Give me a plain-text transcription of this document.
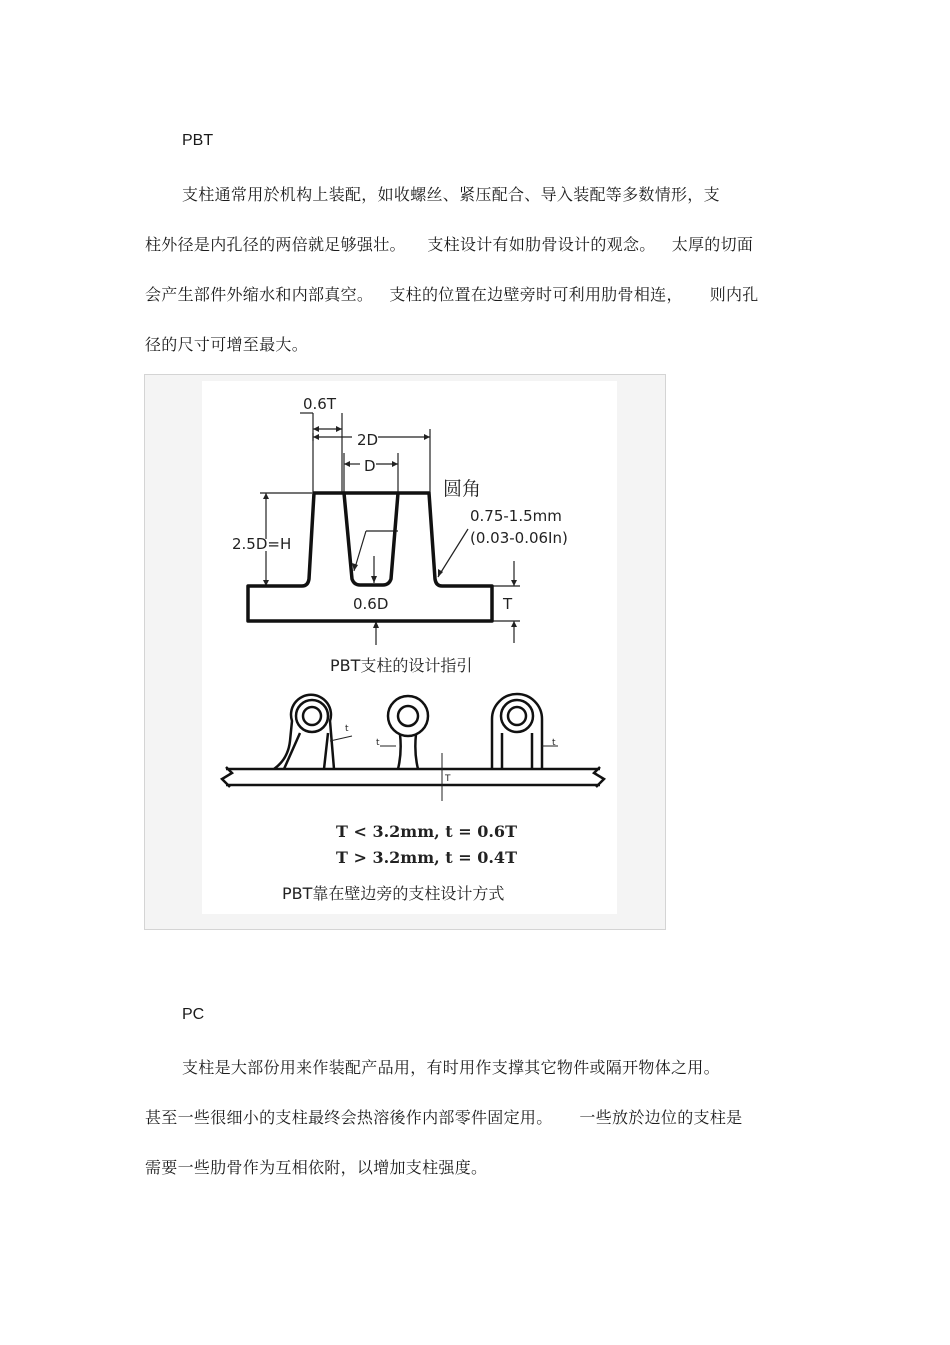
PBT
支柱通常用於机构上装配，如收螺丝、紧压配合、导入装配等多数情形，支
柱外径是内孔径的两倍就足够强壮。    支柱设计有如肋骨设计的观念。   太厚的切面
会产生部件外缩水和内部真空。   支柱的位置在边壁旁时可利用肋骨相连，     则内孔
径的尺寸可增至最大。
0.6T
2D
D
圆角
0.75-1.5mm
(0.03-0.06In)
2.5D=H
0.6D	T
PBT支柱的设计指引
t
t	t
T
T < 3.2mm, t = 0.6T
T > 3.2mm, t = 0.4T
PBT靠在壁边旁的支柱设计方式
PC
支柱是大部份用来作装配产品用，有时用作支撑其它物件或隔开物体之用。
甚至一些很细小的支柱最终会热溶後作内部零件固定用。     一些放於边位的支柱是
需要一些肋骨作为互相依附，以增加支柱强度。
